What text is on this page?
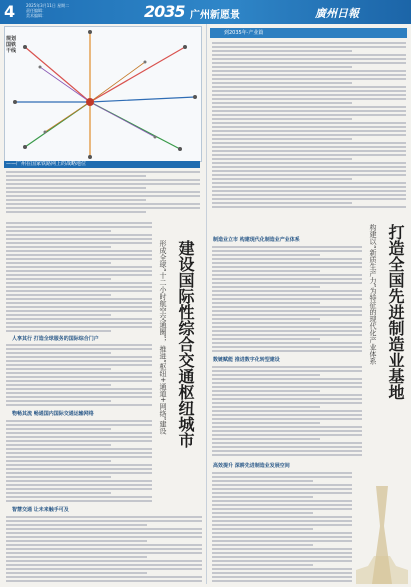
4	2025年3月11日 星期二
责任编辑：
美术编辑：	2035 广州新愿景	廣州日報
规划国铁干线
——广州在国家铁路网上的战略地位
到2035年·产业篇
建设国际性综合交通枢纽城市
形成全球“十二小时航空交通圈”，推进“枢纽+通道+网络”建设
人享其行 打造全球服务的国际综合门户
物畅其流 畅通国内国际交通运输网络
智慧交通 让未来触手可及
打造全国先进制造业基地
构建以“新质生产力”为特征的现代化产业体系
制造业立市 构建现代化制造业产业体系
数链赋能 推进数字化转型建设
高效提升 深耕先进制造业发展空间
